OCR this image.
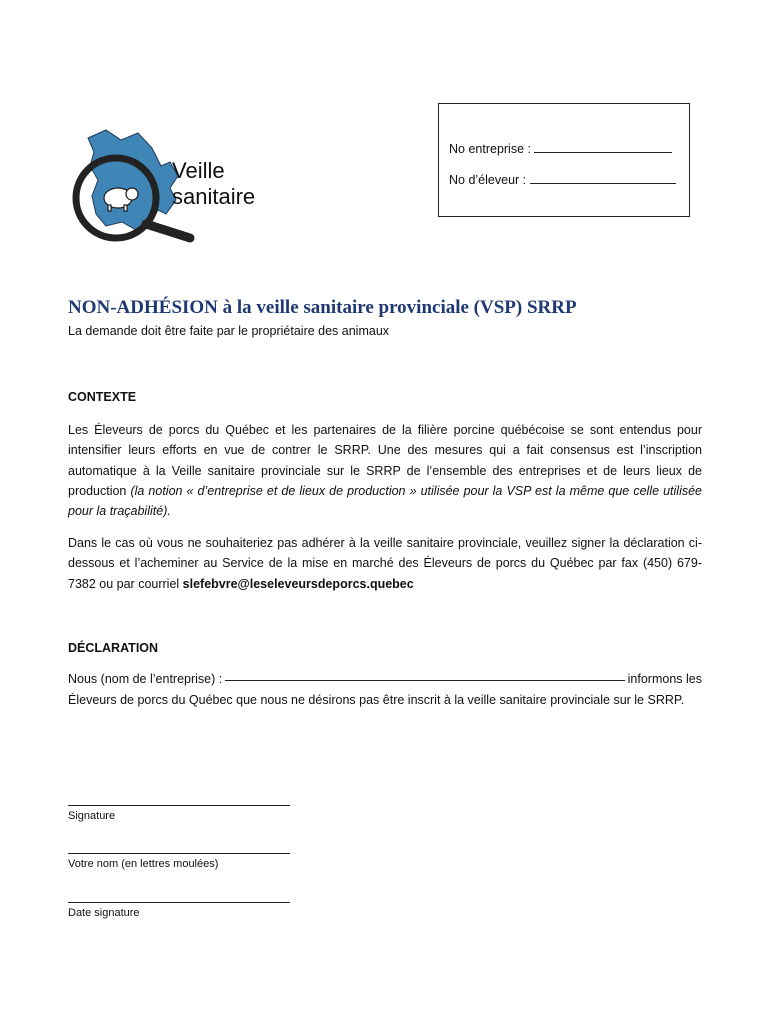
Veille
sanitaire
No entreprise :
No d’éleveur :
NON-ADHÉSION à la veille sanitaire provinciale (VSP) SRRP
La demande doit être faite par le propriétaire des animaux
CONTEXTE
Les Éleveurs de porcs du Québec et les partenaires de la filière porcine québécoise se sont entendus pour intensifier leurs efforts en vue de contrer le SRRP. Une des mesures qui a fait consensus est l’inscription automatique à la Veille sanitaire provinciale sur le SRRP de l’ensemble des entreprises et de leurs lieux de production (la notion « d’entreprise et de lieux de production » utilisée pour la VSP est la même que celle utilisée pour la traçabilité).
Dans le cas où vous ne souhaiteriez pas adhérer à la veille sanitaire provinciale, veuillez signer la déclaration ci-dessous et l’acheminer au Service de la mise en marché des Éleveurs de porcs du Québec par fax (450) 679-7382 ou par courriel slefebvre@leseleveursdeporcs.quebec
DÉCLARATION
Nous (nom de l’entreprise) :	informons les
Éleveurs de porcs du Québec que nous ne désirons pas être inscrit à la veille sanitaire provinciale sur le SRRP.
Signature
Votre nom (en lettres moulées)
Date signature
